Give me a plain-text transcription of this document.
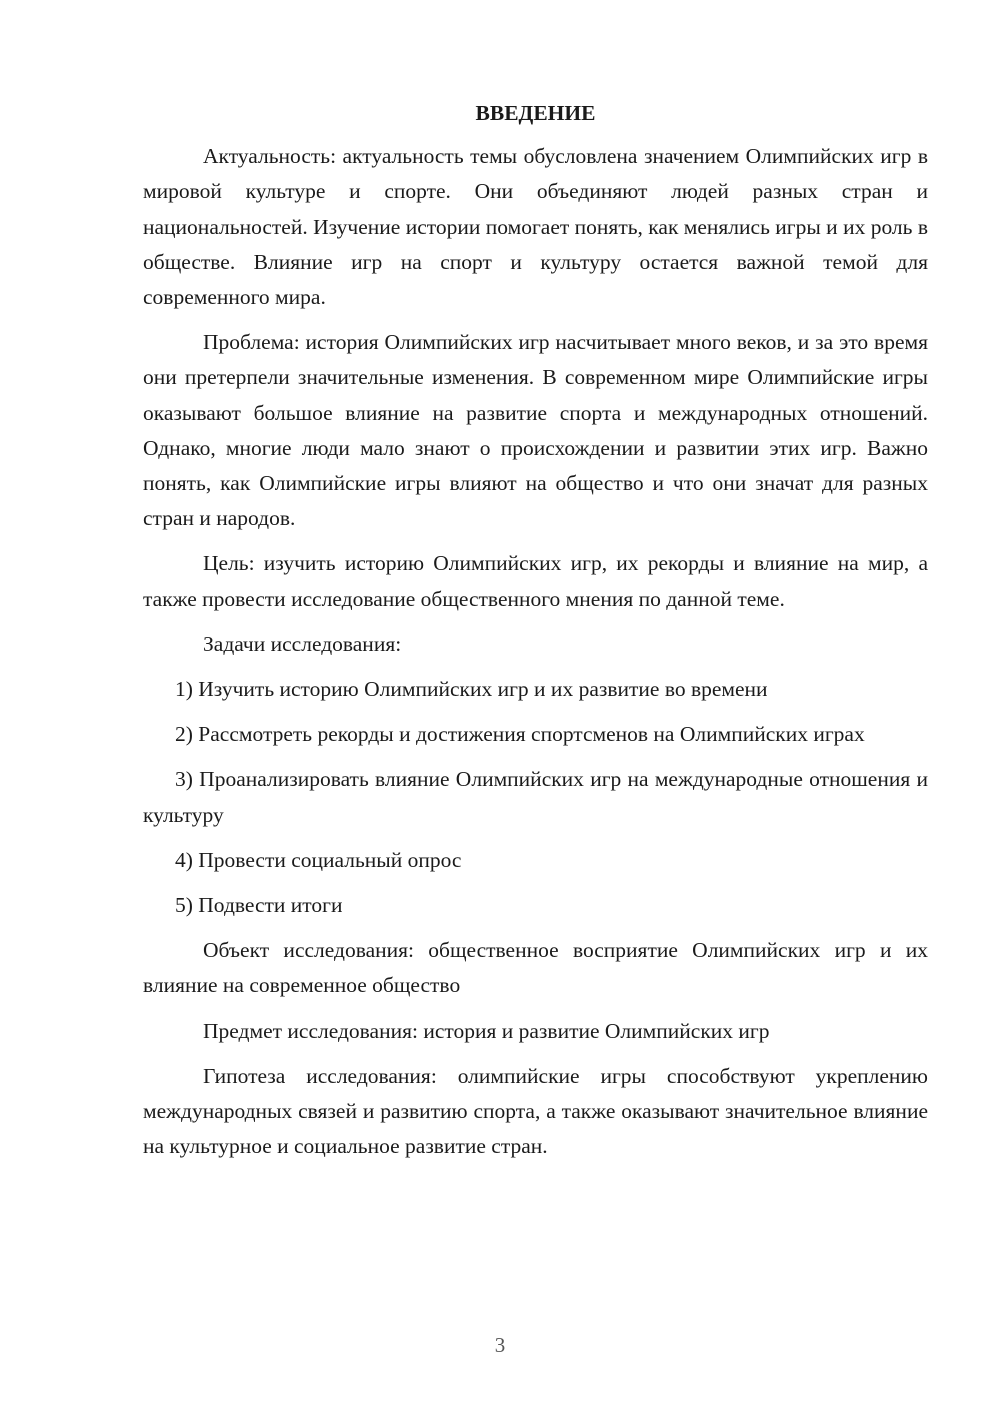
ВВЕДЕНИЕ

Актуальность: актуальность темы обусловлена значением Олимпийских игр в мировой культуре и спорте. Они объединяют людей разных стран и национальностей. Изучение истории помогает понять, как менялись игры и их роль в обществе. Влияние игр на спорт и культуру остается важной темой для современного мира.

Проблема: история Олимпийских игр насчитывает много веков, и за это время они претерпели значительные изменения. В современном мире Олимпийские игры оказывают большое влияние на развитие спорта и международных отношений. Однако, многие люди мало знают о происхождении и развитии этих игр. Важно понять, как Олимпийские игры влияют на общество и что они значат для разных стран и народов.

Цель: изучить историю Олимпийских игр, их рекорды и влияние на мир, а также провести исследование общественного мнения по данной теме.

Задачи исследования:

1) Изучить историю Олимпийских игр и их развитие во времени

2) Рассмотреть рекорды и достижения спортсменов на Олимпийских играх

3) Проанализировать влияние Олимпийских игр на международные отношения и культуру

4) Провести социальный опрос

5) Подвести итоги

Объект исследования: общественное восприятие Олимпийских игр и их влияние на современное общество

Предмет исследования: история и развитие Олимпийских игр

Гипотеза исследования: олимпийские игры способствуют укреплению международных связей и развитию спорта, а также оказывают значительное влияние на культурное и социальное развитие стран.

3
